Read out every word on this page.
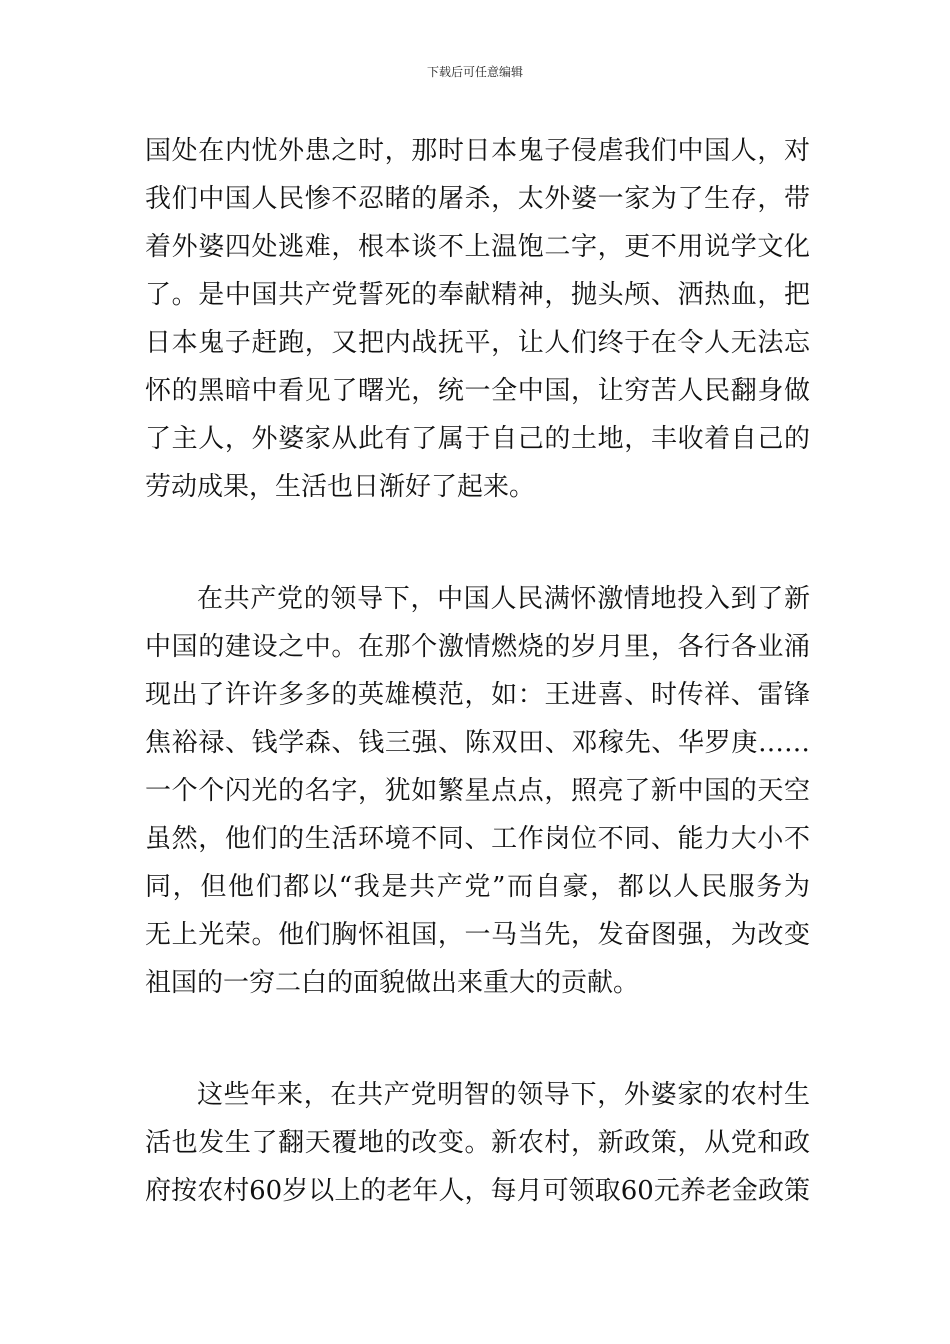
下载后可任意编辑
国处在内忧外患之时，那时日本鬼子侵虐我们中国人，对
我们中国人民惨不忍睹的屠杀，太外婆一家为了生存，带
着外婆四处逃难，根本谈不上温饱二字，更不用说学文化
了。是中国共产党誓死的奉献精神，抛头颅、洒热血，把
日本鬼子赶跑，又把内战抚平，让人们终于在令人无法忘
怀的黑暗中看见了曙光，统一全中国，让穷苦人民翻身做
了主人，外婆家从此有了属于自己的土地，丰收着自己的
劳动成果，生活也日渐好了起来。
在共产党的领导下，中国人民满怀激情地投入到了新
中国的建设之中。在那个激情燃烧的岁月里，各行各业涌
现出了许许多多的英雄模范，如：王进喜、时传祥、雷锋
焦裕禄、钱学森、钱三强、陈双田、邓稼先、华罗庚……
一个个闪光的名字，犹如繁星点点，照亮了新中国的天空
虽然，他们的生活环境不同、工作岗位不同、能力大小不
同，但他们都以“我是共产党”而自豪，都以人民服务为
无上光荣。他们胸怀祖国，一马当先，发奋图强，为改变
祖国的一穷二白的面貌做出来重大的贡献。
这些年来，在共产党明智的领导下，外婆家的农村生
活也发生了翻天覆地的改变。新农村，新政策，从党和政
府按农村60岁以上的老年人，每月可领取60元养老金政策
